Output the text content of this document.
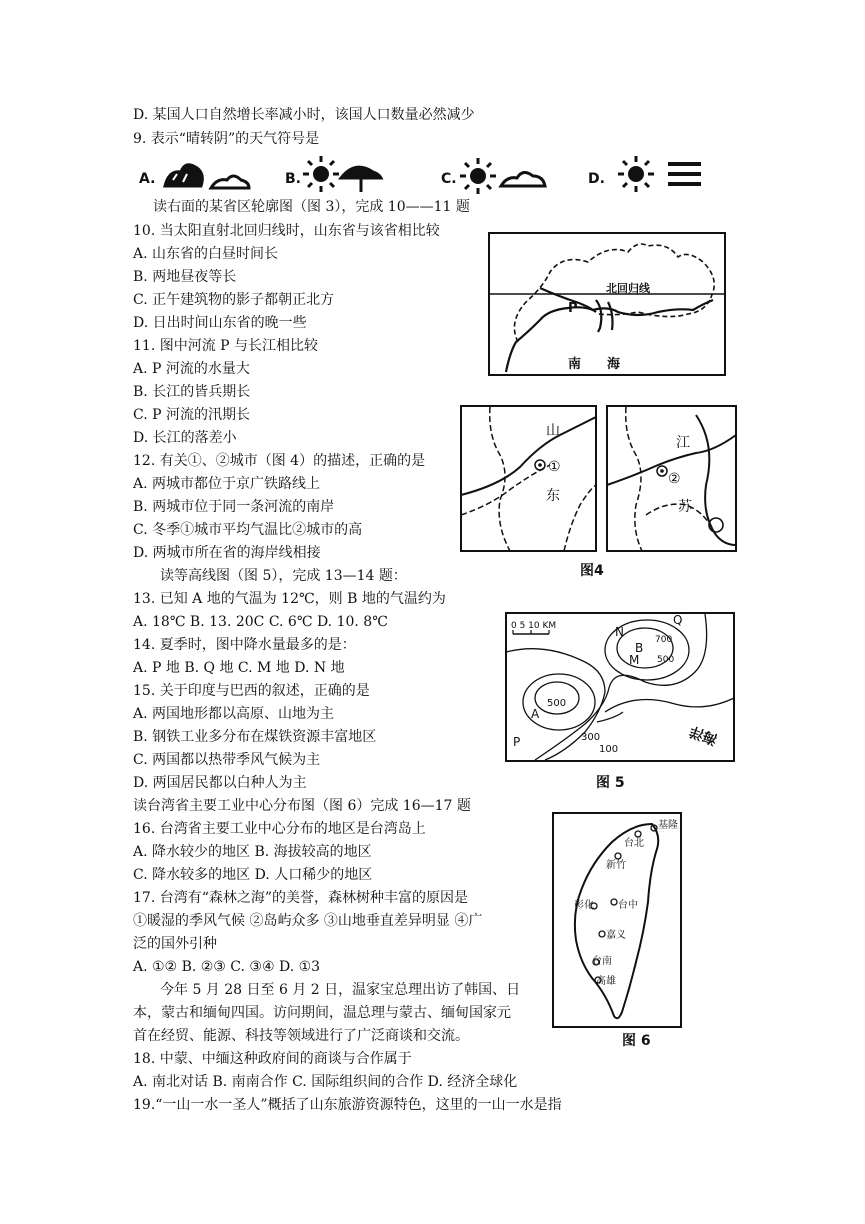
D. 某国人口自然增长率减小时，该国人口数量必然减少
9. 表示“晴转阴”的天气符号是
A.	B.	C.	D.
读右面的某省区轮廓图（图 3），完成 10——11 题
10. 当太阳直射北回归线时，山东省与该省相比较
A. 山东省的白昼时间长
B. 两地昼夜等长
C. 正午建筑物的影子都朝正北方
D. 日出时间山东省的晚一些
11. 图中河流 P 与长江相比较
A. P 河流的水量大
B. 长江的皆兵期长
C. P 河流的汛期长
D. 长江的落差小
12. 有关①、②城市（图 4）的描述，正确的是
A. 两城市都位于京广铁路线上
B. 两城市位于同一条河流的南岸
C. 冬季①城市平均气温比②城市的高
D. 两城市所在省的海岸线相接
读等高线图（图 5），完成 13—14 题：
13. 已知 A 地的气温为 12℃，则 B 地的气温约为
A. 18℃ B. 13. 20C C. 6℃ D. 10. 8℃
14. 夏季时，图中降水量最多的是：
A. P 地 B. Q 地 C. M 地 D. N 地
15. 关于印度与巴西的叙述，正确的是
A. 两国地形都以高原、山地为主
B. 钢铁工业多分布在煤铁资源丰富地区
C. 两国都以热带季风气候为主
D. 两国居民都以白种人为主
读台湾省主要工业中心分布图（图 6）完成 16—17 题
16. 台湾省主要工业中心分布的地区是台湾岛上
A. 降水较少的地区 B. 海拔较高的地区
C. 降水较多的地区 D. 人口稀少的地区
17. 台湾有“森林之海”的美誉，森林树种丰富的原因是
①暖湿的季风气候 ②岛屿众多 ③山地垂直差异明显 ④广
泛的国外引种
A. ①② B. ②③ C. ③④ D. ①3
今年 5 月 28 日至 6 月 2 日，温家宝总理出访了韩国、日
本，蒙古和缅甸四国。访问期间，温总理与蒙古、缅甸国家元
首在经贸、能源、科技等领域进行了广泛商谈和交流。
18. 中蒙、中缅这种政府间的商谈与合作属于
A. 南北对话 B. 南南合作 C. 国际组织间的合作 D. 经济全球化
19.“一山一水一圣人”概括了山东旅游资源特色，这里的一山一水是指
北回归线
P
南　　海
①
山
东
②
江
苏
图4
0 5 10 KM
B
M
N
Q
A
P
700
500
500
300
100
海洋
图 5
基隆
台北
新竹
彰化 台中
嘉义
台南
高雄
图 6
